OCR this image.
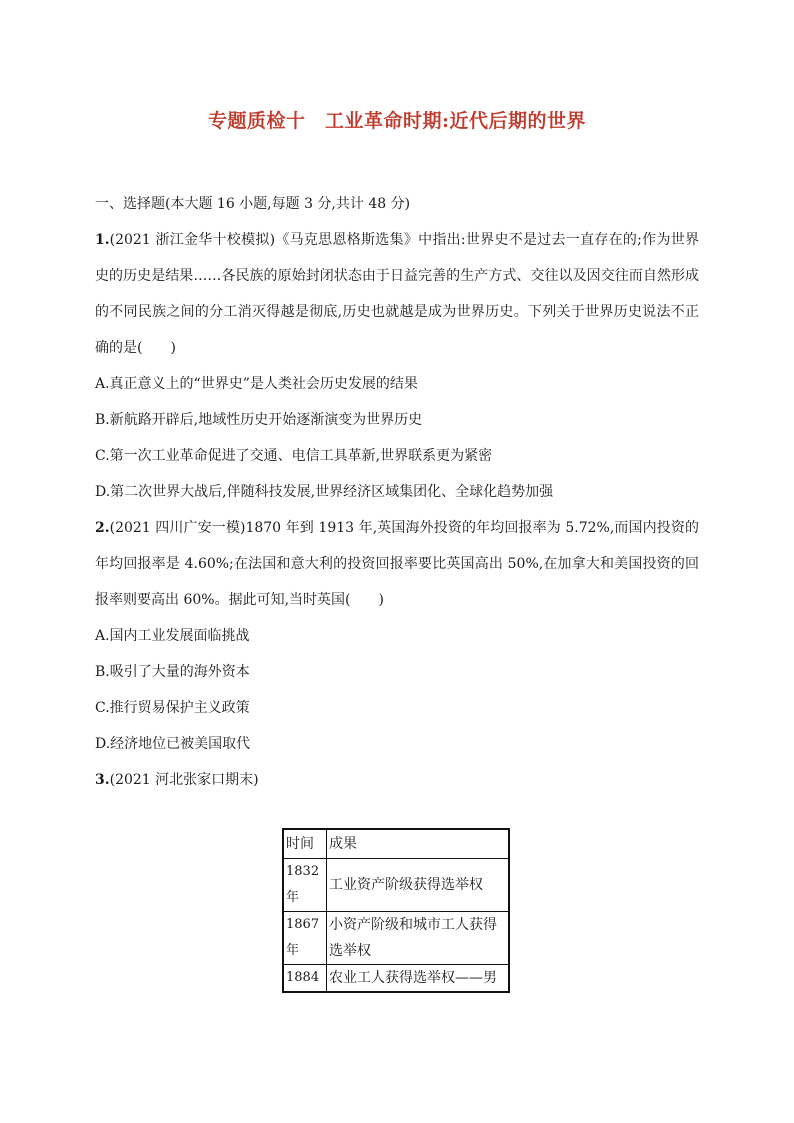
专题质检十　工业革命时期:近代后期的世界
一、选择题(本大题 16 小题,每题 3 分,共计 48 分)
1.(2021 浙江金华十校模拟)《马克思恩格斯选集》中指出:世界史不是过去一直存在的;作为世界史的历史是结果……各民族的原始封闭状态由于日益完善的生产方式、交往以及因交往而自然形成的不同民族之间的分工消灭得越是彻底,历史也就越是成为世界历史。下列关于世界历史说法不正确的是(　　)
A.真正意义上的“世界史”是人类社会历史发展的结果
B.新航路开辟后,地域性历史开始逐渐演变为世界历史
C.第一次工业革命促进了交通、电信工具革新,世界联系更为紧密
D.第二次世界大战后,伴随科技发展,世界经济区域集团化、全球化趋势加强
2.(2021 四川广安一模)1870 年到 1913 年,英国海外投资的年均回报率为 5.72%,而国内投资的年均回报率是 4.60%;在法国和意大利的投资回报率要比英国高出 50%,在加拿大和美国投资的回报率则要高出 60%。据此可知,当时英国(　　)
A.国内工业发展面临挑战
B.吸引了大量的海外资本
C.推行贸易保护主义政策
D.经济地位已被美国取代
3.(2021 河北张家口期末)
时间	成果
1832 年	工业资产阶级获得选举权
1867 年	小资产阶级和城市工人获得选举权
1884	农业工人获得选举权——男
